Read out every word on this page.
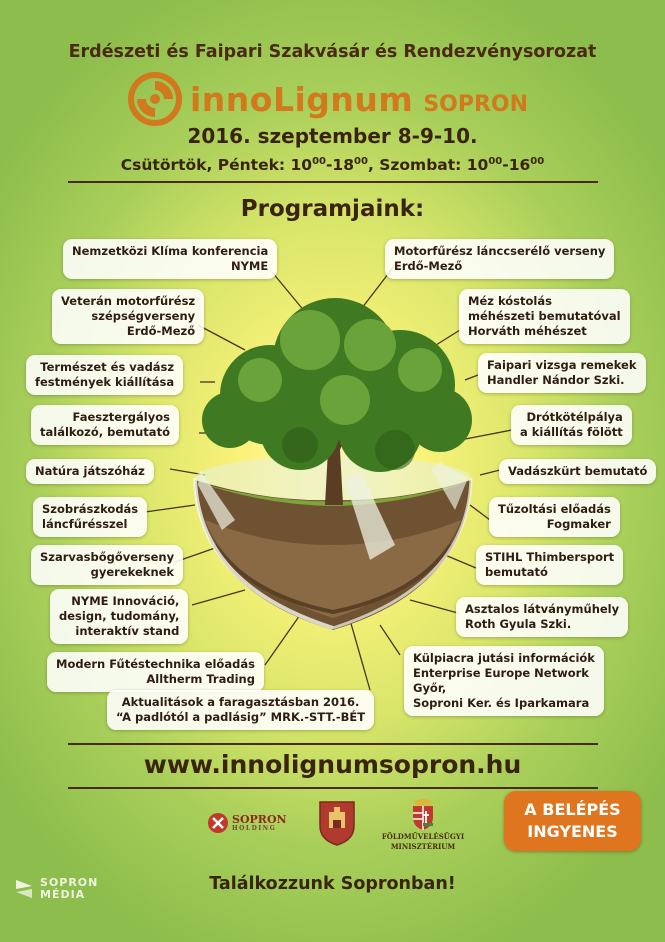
Erdészeti és Faipari Szakvásár és Rendezvénysorozat
innoLignum SOPRON
2016. szeptember 8-9-10.
Csütörtök, Péntek: $10^{00}-18^{00}$, Szombat: $10^{00}-16^{00}$
Programjaink:
Nemzetközi Klíma konferencia
NYME
Veterán motorfűrész
szépségverseny
Erdő-Mező
Természet és vadász
festmények kiállítása
Faesztergályos
találkozó, bemutató
Natúra játszóház
Szobrászkodás
láncfűrésszel
Szarvasbőgőverseny
gyerekeknek
NYME Innováció,
design, tudomány,
interaktív stand
Modern Fűtéstechnika előadás
Alltherm Trading
Aktualitások a faragasztásban 2016.
“A padlótól a padlásig” MRK.-STT.-BÉT
Motorfűrész lánccserélő verseny
Erdő-Mező
Méz kóstolás
méhészeti bemutatóval
Horváth méhészet
Faipari vizsga remekek
Handler Nándor Szki.
Drótkötélpálya
a kiállítás fölött
Vadászkürt bemutató
Tűzoltási előadás
Fogmaker
STIHL Thimbersport
bemutató
Asztalos látványműhely
Roth Gyula Szki.
Külpiacra jutási információk
Enterprise Europe Network
Győr,
Soproni Ker. és Iparkamara
www.innolignumsopron.hu
SOPRON
HOLDING
FÖLDMŰVELÉSÜGYI
MINISZTÉRIUM
A BELÉPÉS
INGYENES
Találkozzunk Sopronban!
SOPRON
MÉDIA
